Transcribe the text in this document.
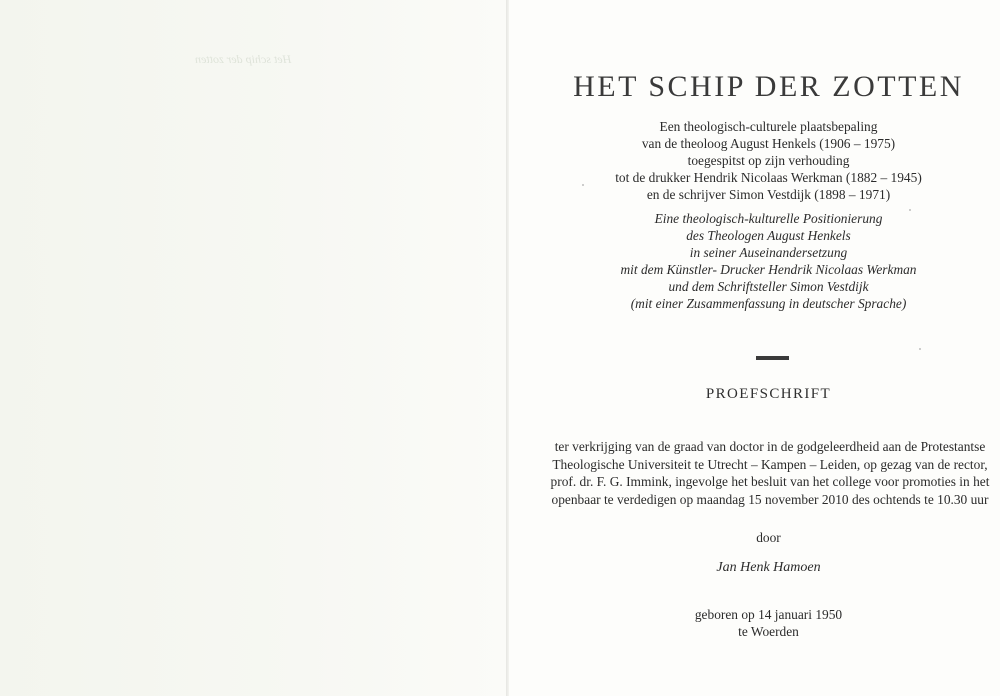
Het schip der zotten
HET SCHIP DER ZOTTEN
Een theologisch-culturele plaatsbepaling
van de theoloog August Henkels (1906 – 1975)
toegespitst op zijn verhouding
tot de drukker Hendrik Nicolaas Werkman (1882 – 1945)
en de schrijver Simon Vestdijk (1898 – 1971)
Eine theologisch-kulturelle Positionierung
des Theologen August Henkels
in seiner Auseinandersetzung
mit dem Künstler- Drucker Hendrik Nicolaas Werkman
und dem Schriftsteller Simon Vestdijk
(mit einer Zusammenfassung in deutscher Sprache)
PROEFSCHRIFT
ter verkrijging van de graad van doctor in de godgeleerdheid aan de Protestantse
Theologische Universiteit te Utrecht – Kampen – Leiden, op gezag van de rector,
prof. dr. F. G. Immink, ingevolge het besluit van het college voor promoties in het
openbaar te verdedigen op maandag 15 november 2010 des ochtends te 10.30 uur
door
Jan Henk Hamoen
geboren op 14 januari 1950
te Woerden
